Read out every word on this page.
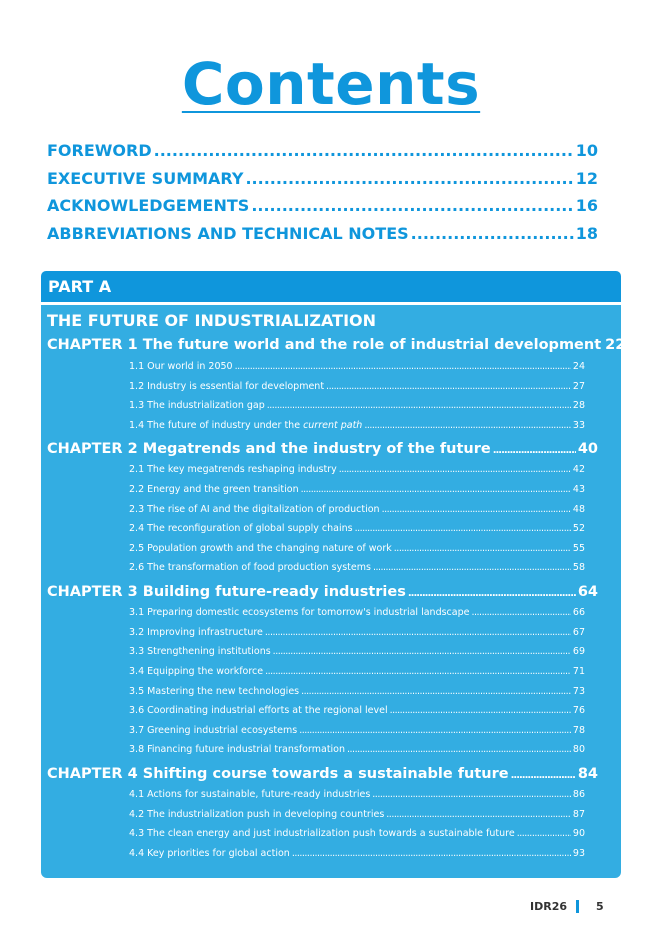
Contents
FOREWORD .....	10
EXECUTIVE SUMMARY .....	12
ACKNOWLEDGEMENTS .....	16
ABBREVIATIONS AND TECHNICAL NOTES .....	18
PART A
THE FUTURE OF INDUSTRIALIZATION
CHAPTER 1 The future world and the role of industrial development 22
1.1 Our world in 2050 .....	24
1.2 Industry is essential for development .....	27
1.3 The industrialization gap .....	28
1.4 The future of industry under the current path .....	33
CHAPTER 2 Megatrends and the industry of the future .....	40
2.1 The key megatrends reshaping industry .....	42
2.2 Energy and the green transition .....	43
2.3 The rise of AI and the digitalization of production .....	48
2.4 The reconfiguration of global supply chains .....	52
2.5 Population growth and the changing nature of work .....	55
2.6 The transformation of food production systems .....	58
CHAPTER 3 Building future-ready industries .....	64
3.1 Preparing domestic ecosystems for tomorrow's industrial landscape .....	66
3.2 Improving infrastructure .....	67
3.3 Strengthening institutions .....	69
3.4 Equipping the workforce .....	71
3.5 Mastering the new technologies .....	73
3.6 Coordinating industrial efforts at the regional level .....	76
3.7 Greening industrial ecosystems .....	78
3.8 Financing future industrial transformation .....	80
CHAPTER 4 Shifting course towards a sustainable future .....	84
4.1 Actions for sustainable, future-ready industries .....	86
4.2 The industrialization push in developing countries .....	87
4.3 The clean energy and just industrialization push towards a sustainable future .....	90
4.4 Key priorities for global action .....	93
IDR26	5
